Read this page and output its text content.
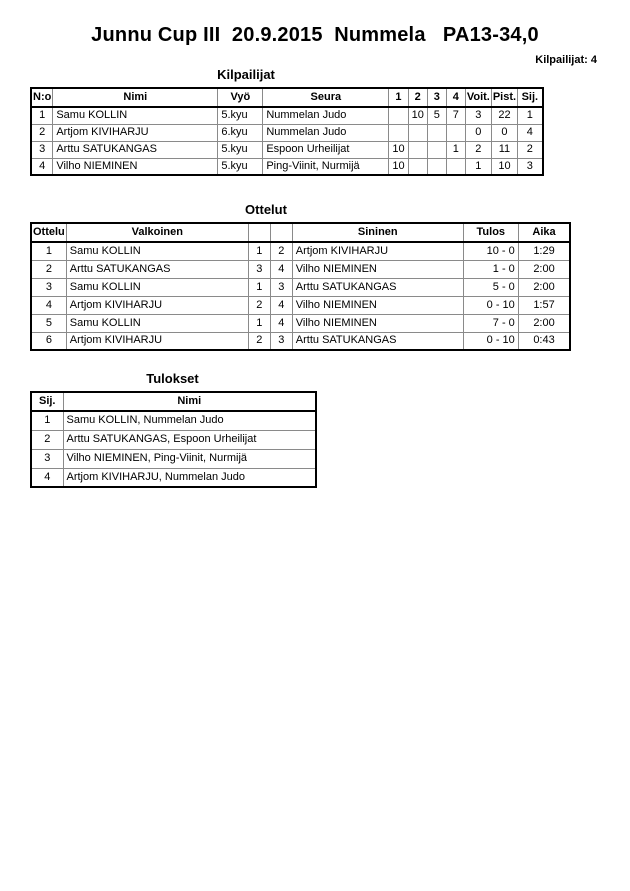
Junnu Cup III  20.9.2015  Nummela   PA13-34,0
Kilpailijat: 4
Kilpailijat
N:o	Nimi	Vyö	Seura	1	2	3	4	Voit.	Pist.	Sij.
1	Samu KOLLIN	5.kyu	Nummelan Judo		10	5	7	3	22	1
2	Artjom KIVIHARJU	6.kyu	Nummelan Judo					0	0	4
3	Arttu SATUKANGAS	5.kyu	Espoon Urheilijat	10			1	2	11	2
4	Vilho NIEMINEN	5.kyu	Ping-Viinit, Nurmijä	10				1	10	3
Ottelut
Ottelu	Valkoinen			Sininen	Tulos	Aika
1	Samu KOLLIN	1	2	Artjom KIVIHARJU	10 - 0	1:29
2	Arttu SATUKANGAS	3	4	Vilho NIEMINEN	1 - 0	2:00
3	Samu KOLLIN	1	3	Arttu SATUKANGAS	5 - 0	2:00
4	Artjom KIVIHARJU	2	4	Vilho NIEMINEN	0 - 10	1:57
5	Samu KOLLIN	1	4	Vilho NIEMINEN	7 - 0	2:00
6	Artjom KIVIHARJU	2	3	Arttu SATUKANGAS	0 - 10	0:43
Tulokset
Sij.	Nimi
1	Samu KOLLIN, Nummelan Judo
2	Arttu SATUKANGAS, Espoon Urheilijat
3	Vilho NIEMINEN, Ping-Viinit, Nurmijä
4	Artjom KIVIHARJU, Nummelan Judo
